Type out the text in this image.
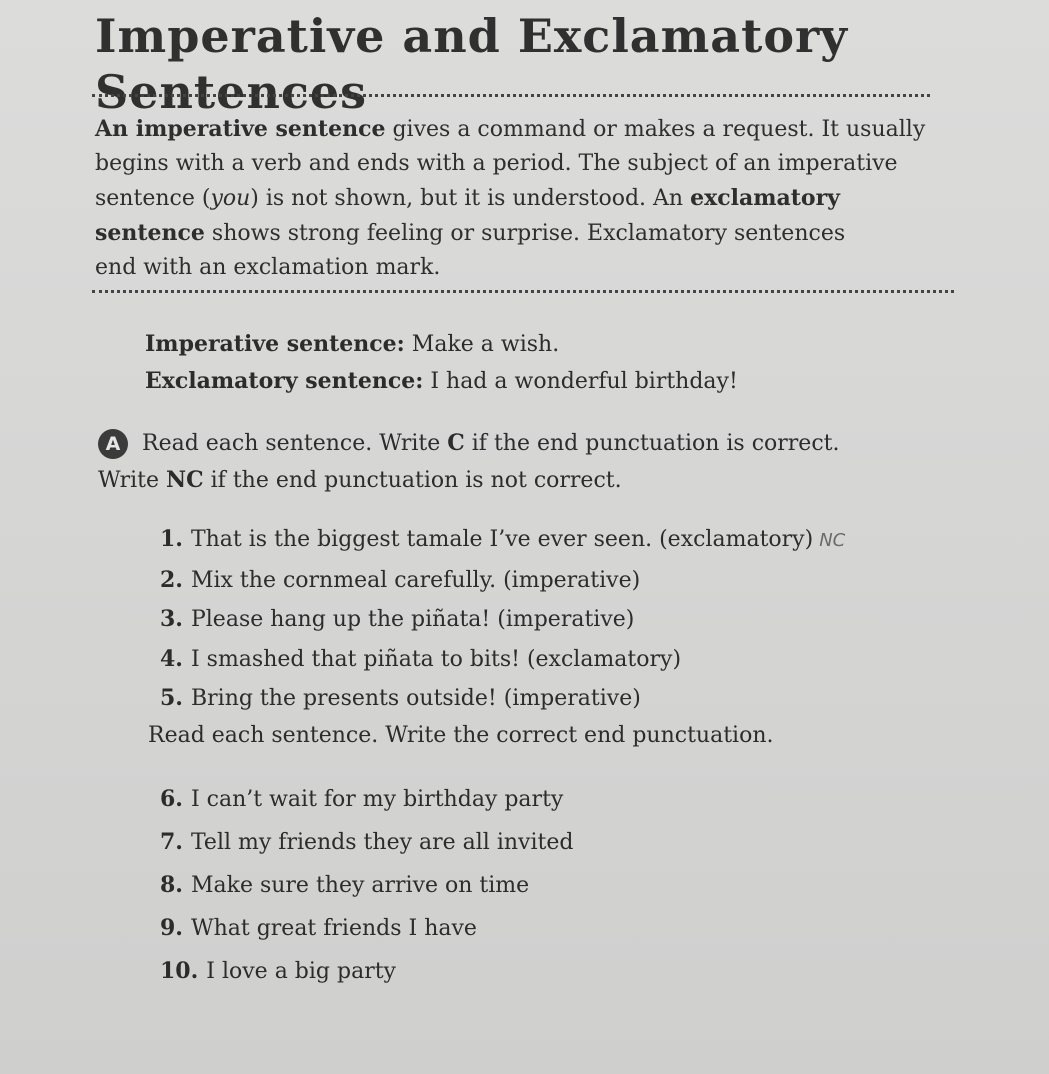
Imperative and Exclamatory
Sentences

An imperative sentence gives a command or makes a request. It usually

begins with a verb and ends with a period. The subject of an imperative

sentence (you) is not shown, but it is understood. An exclamatory

sentence shows strong feeling or surprise. Exclamatory sentences

end with an exclamation mark.

Imperative sentence: Make a wish.
Exclamatory sentence: I had a wonderful birthday!
A Read each sentence. Write C if the end punctuation is correct.
Write NC if the end punctuation is not correct.
1. That is the biggest tamale I’ve ever seen. (exclamatory) NC
2. Mix the cornmeal carefully. (imperative)
3. Please hang up the piñata! (imperative)
4. I smashed that piñata to bits! (exclamatory)
5. Bring the presents outside! (imperative)
Read each sentence. Write the correct end punctuation.
6. I can’t wait for my birthday party
7. Tell my friends they are all invited
8. Make sure they arrive on time
9. What great friends I have
10. I love a big party
